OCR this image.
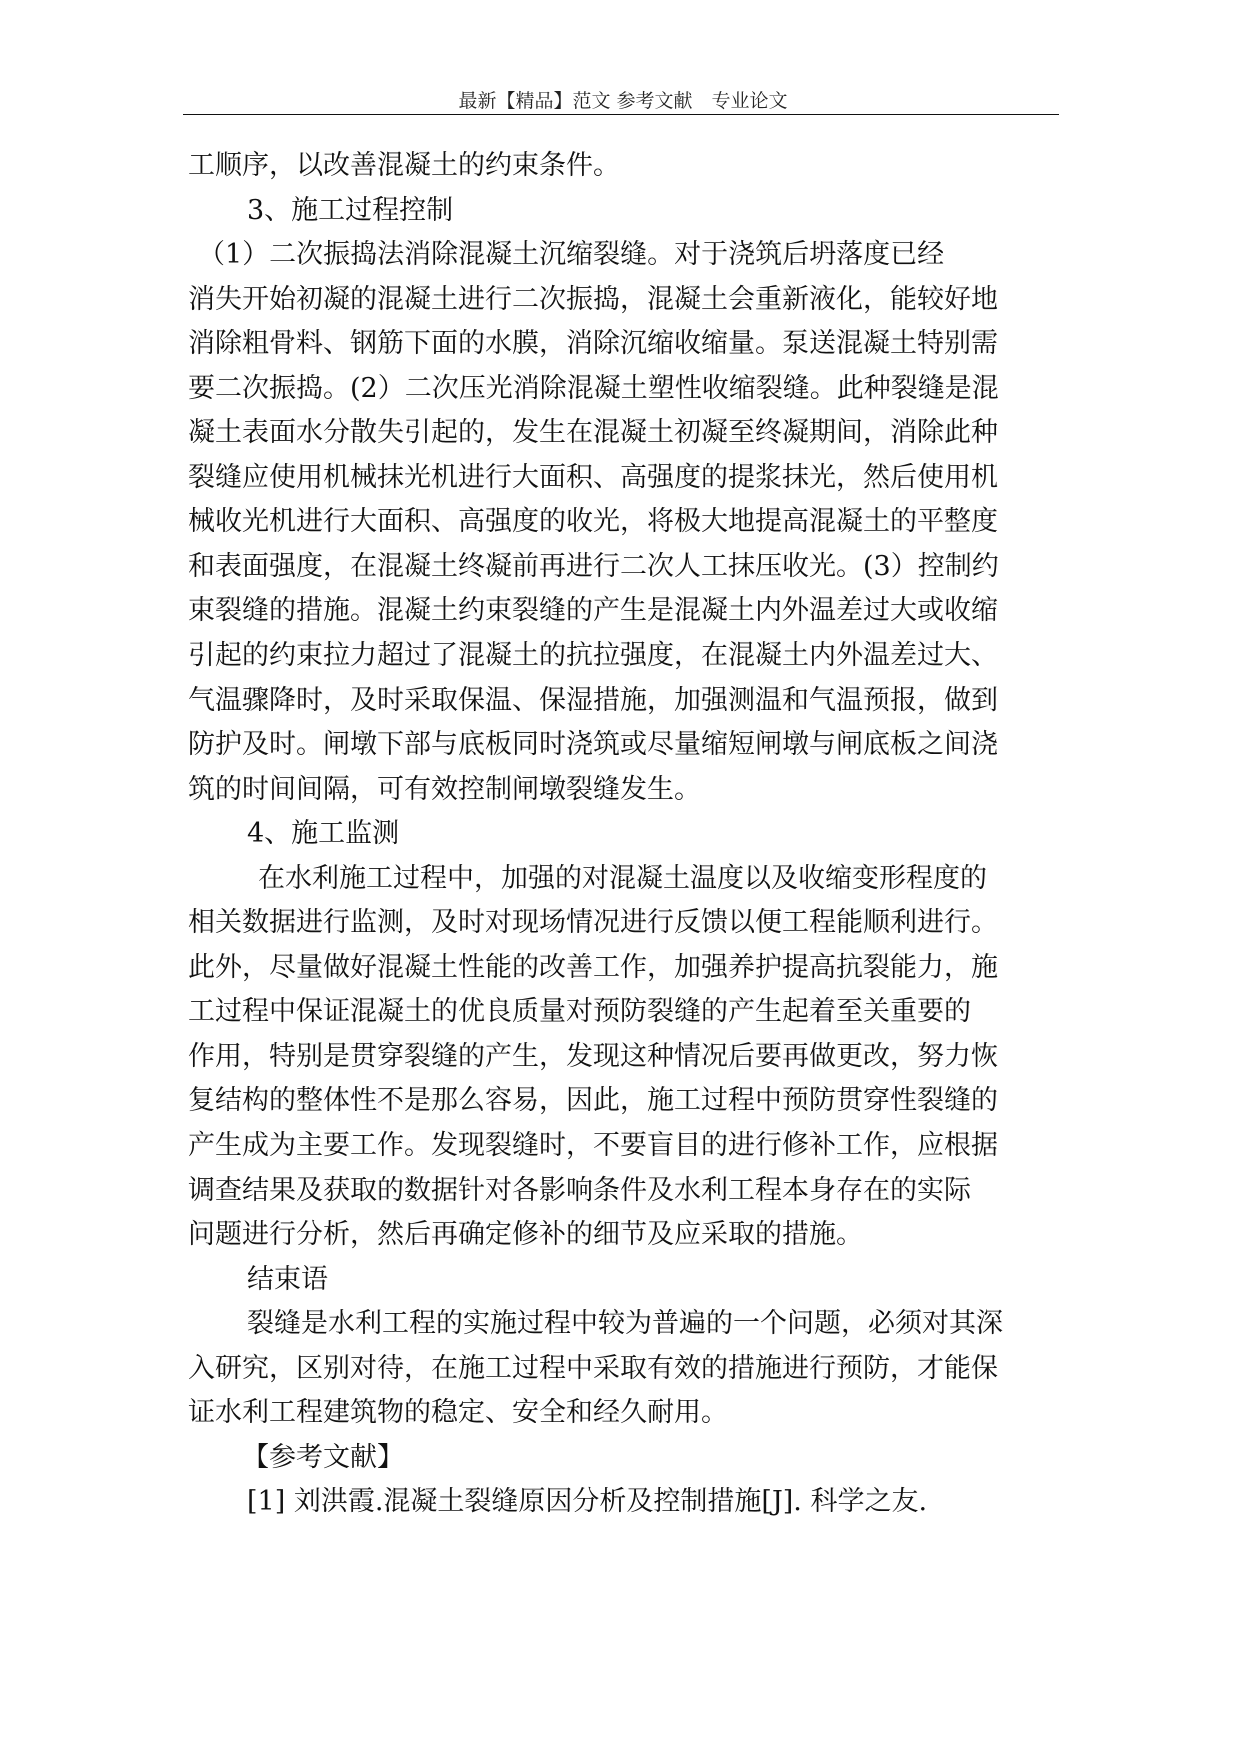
最新【精品】范文 参考文献　专业论文
工顺序，以改善混凝土的约束条件。
3、施工过程控制
（1）二次振捣法消除混凝土沉缩裂缝。对于浇筑后坍落度已经
消失开始初凝的混凝土进行二次振捣，混凝土会重新液化，能较好地
消除粗骨料、钢筋下面的水膜，消除沉缩收缩量。泵送混凝土特别需
要二次振捣。(2）二次压光消除混凝土塑性收缩裂缝。此种裂缝是混
凝土表面水分散失引起的，发生在混凝土初凝至终凝期间，消除此种
裂缝应使用机械抹光机进行大面积、高强度的提浆抹光，然后使用机
械收光机进行大面积、高强度的收光，将极大地提高混凝土的平整度
和表面强度，在混凝土终凝前再进行二次人工抹压收光。(3）控制约
束裂缝的措施。混凝土约束裂缝的产生是混凝土内外温差过大或收缩
引起的约束拉力超过了混凝土的抗拉强度，在混凝土内外温差过大、
气温骤降时，及时采取保温、保湿措施，加强测温和气温预报，做到
防护及时。闸墩下部与底板同时浇筑或尽量缩短闸墩与闸底板之间浇
筑的时间间隔，可有效控制闸墩裂缝发生。
4、施工监测
在水利施工过程中，加强的对混凝土温度以及收缩变形程度的
相关数据进行监测，及时对现场情况进行反馈以便工程能顺利进行。
此外，尽量做好混凝土性能的改善工作，加强养护提高抗裂能力，施
工过程中保证混凝土的优良质量对预防裂缝的产生起着至关重要的
作用，特别是贯穿裂缝的产生，发现这种情况后要再做更改，努力恢
复结构的整体性不是那么容易，因此，施工过程中预防贯穿性裂缝的
产生成为主要工作。发现裂缝时，不要盲目的进行修补工作，应根据
调查结果及获取的数据针对各影响条件及水利工程本身存在的实际
问题进行分析，然后再确定修补的细节及应采取的措施。
结束语
裂缝是水利工程的实施过程中较为普遍的一个问题，必须对其深
入研究，区别对待，在施工过程中采取有效的措施进行预防，才能保
证水利工程建筑物的稳定、安全和经久耐用。
【参考文献】
[1] 刘洪霞.混凝土裂缝原因分析及控制措施[J]. 科学之友.
